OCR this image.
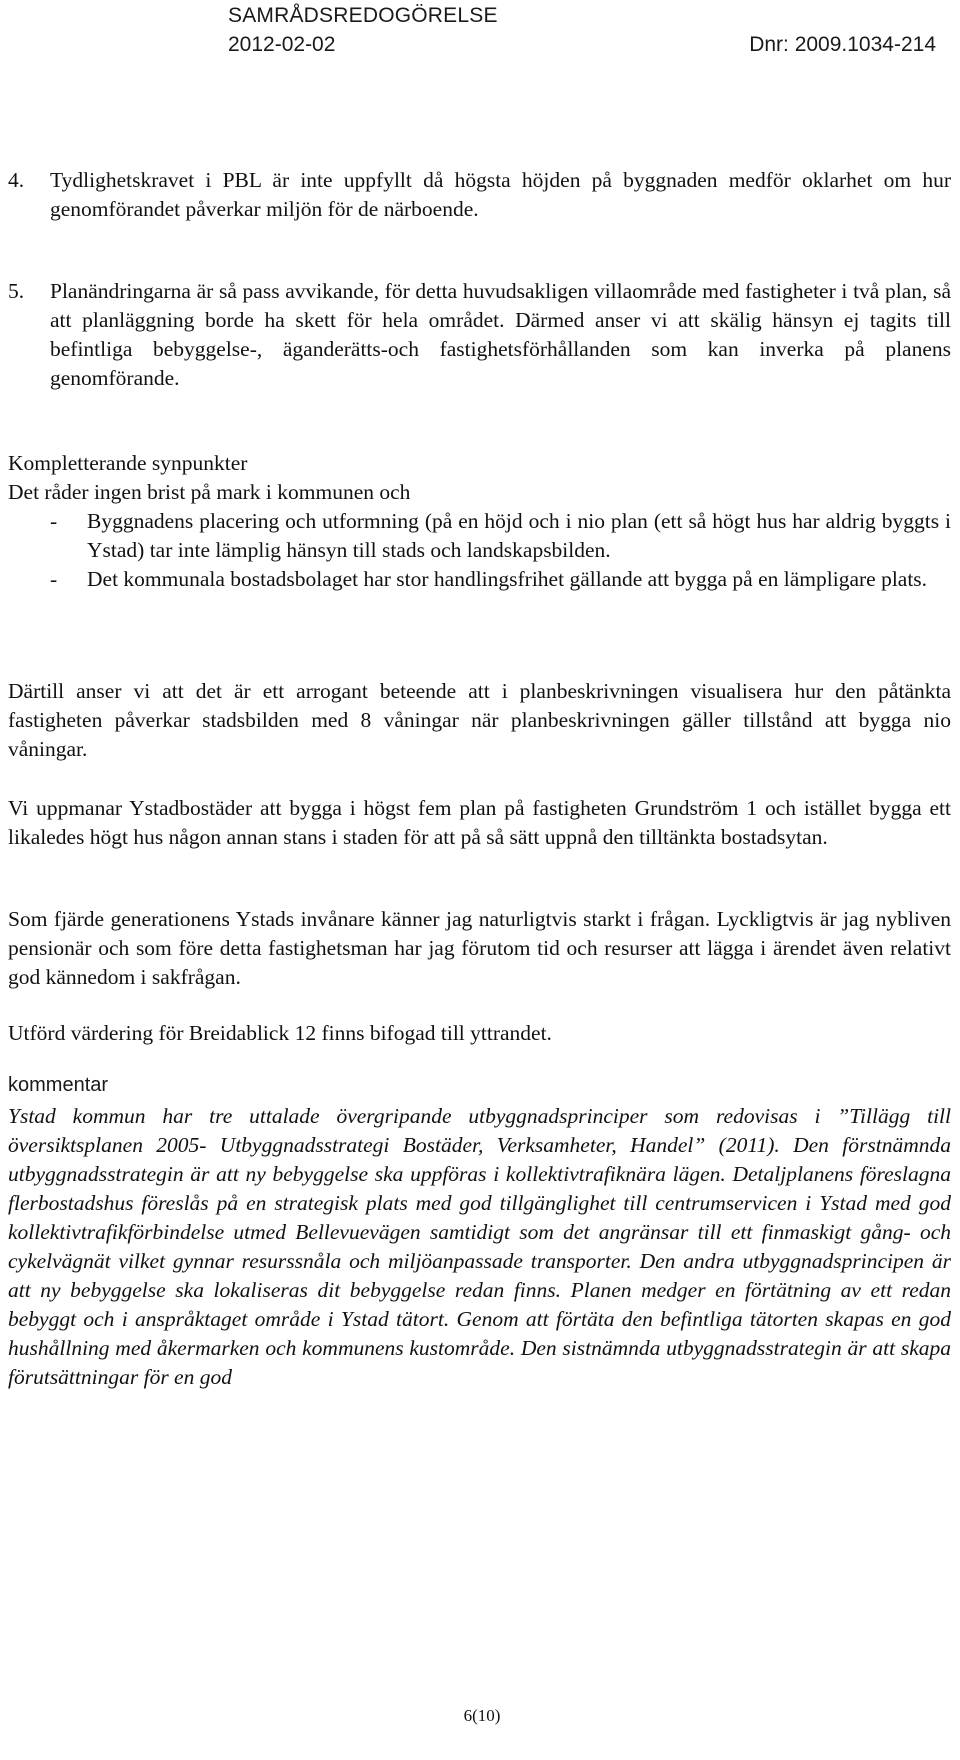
SAMRÅDSREDOGÖRELSE
2012-02-02	Dnr: 2009.1034-214
4.	Tydlighetskravet i PBL är inte uppfyllt då högsta höjden på byggnaden medför oklarhet om hur genomförandet påverkar miljön för de närboende.

5.	Planändringarna är så pass avvikande, för detta huvudsakligen villaområde med fastigheter i två plan, så att planläggning borde ha skett för hela området. Därmed anser vi att skälig hänsyn ej tagits till befintliga bebyggelse-, äganderätts-och fastighetsförhållanden som kan inverka på planens genomförande.

Kompletterande synpunkter
Det råder ingen brist på mark i kommunen och
- Byggnadens placering och utformning (på en höjd och i nio plan (ett så högt hus har aldrig byggts i Ystad) tar inte lämplig hänsyn till stads och landskapsbilden.

- Det kommunala bostadsbolaget har stor handlingsfrihet gällande att bygga på en lämpligare plats.

Därtill anser vi att det är ett arrogant beteende att i planbeskrivningen visualisera hur den påtänkta fastigheten påverkar stadsbilden med 8 våningar när planbeskrivningen gäller tillstånd att bygga nio våningar.

Vi uppmanar Ystadbostäder att bygga i högst fem plan på fastigheten Grundström 1 och istället bygga ett likaledes högt hus någon annan stans i staden för att på så sätt uppnå den tilltänkta bostadsytan.

Som fjärde generationens Ystads invånare känner jag naturligtvis starkt i frågan. Lyckligtvis är jag nybliven pensionär och som före detta fastighetsman har jag förutom tid och resurser att lägga i ärendet även relativt god kännedom i sakfrågan.

Utförd värdering för Breidablick 12 finns bifogad till yttrandet.

kommentar

Ystad kommun har tre uttalade övergripande utbyggnadsprinciper som redovisas i ”Tillägg till översiktsplanen 2005- Utbyggnadsstrategi Bostäder, Verksamheter, Handel” (2011). Den förstnämnda utbyggnadsstrategin är att ny bebyggelse ska uppföras i kollektivtrafiknära lägen. Detaljplanens föreslagna flerbostadshus föreslås på en strategisk plats med god tillgänglighet till centrumservicen i Ystad med god kollektivtrafikförbindelse utmed Bellevuevägen samtidigt som det angränsar till ett finmaskigt gång- och cykelvägnät vilket gynnar resurssnåla och miljöanpassade transporter. Den andra utbyggnadsprincipen är att ny bebyggelse ska lokaliseras dit bebyggelse redan finns. Planen medger en förtätning av ett redan bebyggt och i anspråktaget område i Ystad tätort. Genom att förtäta den befintliga tätorten skapas en god hushållning med åkermarken och kommunens kustområde. Den sistnämnda utbyggnadsstrategin är att skapa förutsättningar för en god

6(10)
